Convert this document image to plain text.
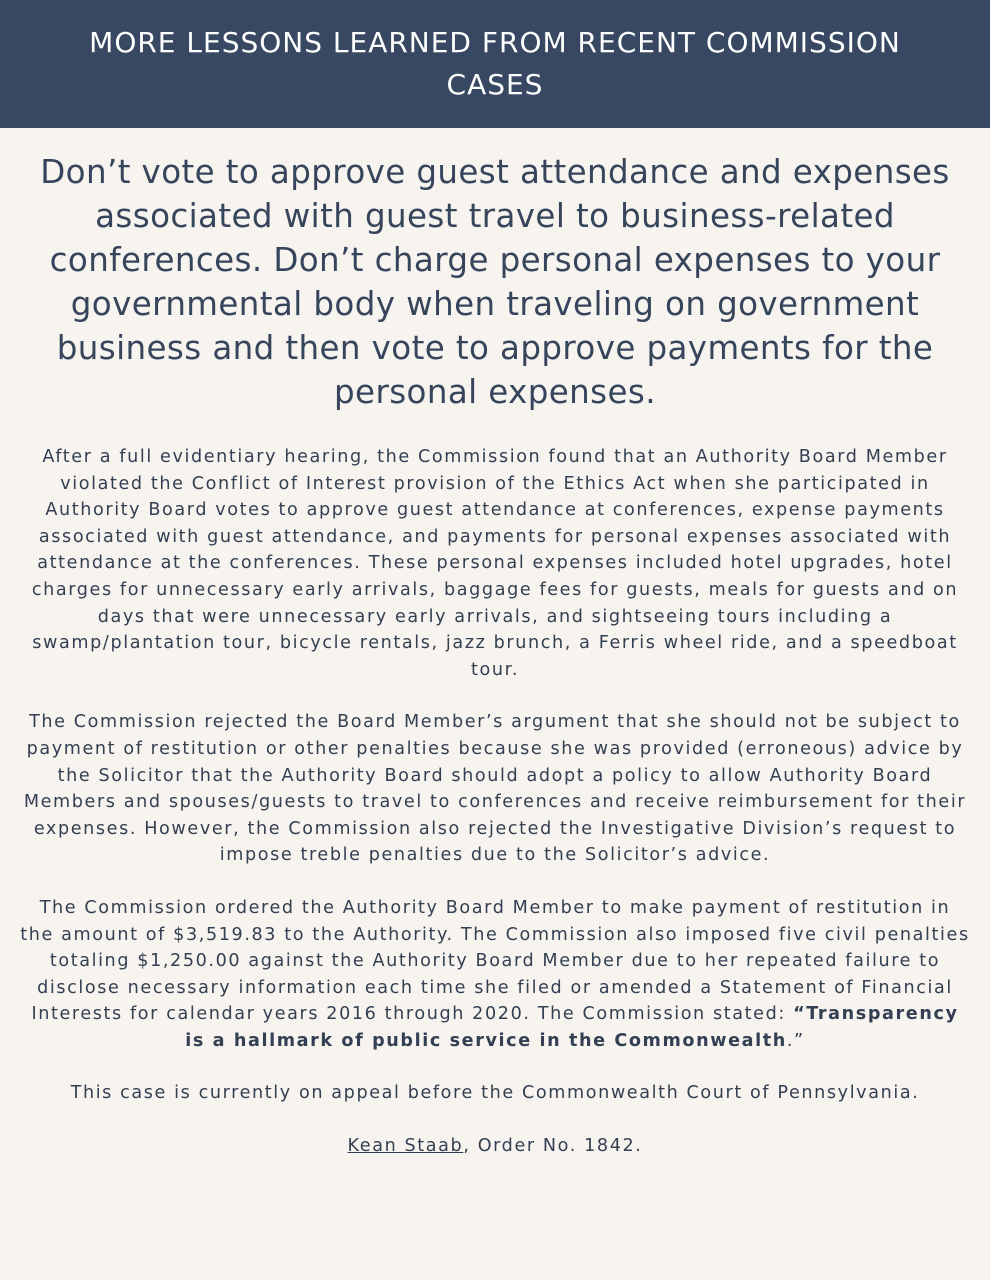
MORE LESSONS LEARNED FROM RECENT COMMISSION CASES
Don’t vote to approve guest attendance and expenses associated with guest travel to business-related conferences. Don’t charge personal expenses to your governmental body when traveling on government business and then vote to approve payments for the personal expenses.

After a full evidentiary hearing, the Commission found that an Authority Board Member violated the Conflict of Interest provision of the Ethics Act when she participated in Authority Board votes to approve guest attendance at conferences, expense payments associated with guest attendance, and payments for personal expenses associated with attendance at the conferences. These personal expenses included hotel upgrades, hotel charges for unnecessary early arrivals, baggage fees for guests, meals for guests and on days that were unnecessary early arrivals, and sightseeing tours including a swamp/plantation tour, bicycle rentals, jazz brunch, a Ferris wheel ride, and a speedboat tour.

The Commission rejected the Board Member’s argument that she should not be subject to payment of restitution or other penalties because she was provided (erroneous) advice by the Solicitor that the Authority Board should adopt a policy to allow Authority Board Members and spouses/guests to travel to conferences and receive reimbursement for their expenses. However, the Commission also rejected the Investigative Division’s request to impose treble penalties due to the Solicitor’s advice.

The Commission ordered the Authority Board Member to make payment of restitution in the amount of $3,519.83 to the Authority. The Commission also imposed five civil penalties totaling $1,250.00 against the Authority Board Member due to her repeated failure to disclose necessary information each time she filed or amended a Statement of Financial Interests for calendar years 2016 through 2020. The Commission stated: “Transparency is a hallmark of public service in the Commonwealth.”

This case is currently on appeal before the Commonwealth Court of Pennsylvania.

Kean Staab, Order No. 1842.
